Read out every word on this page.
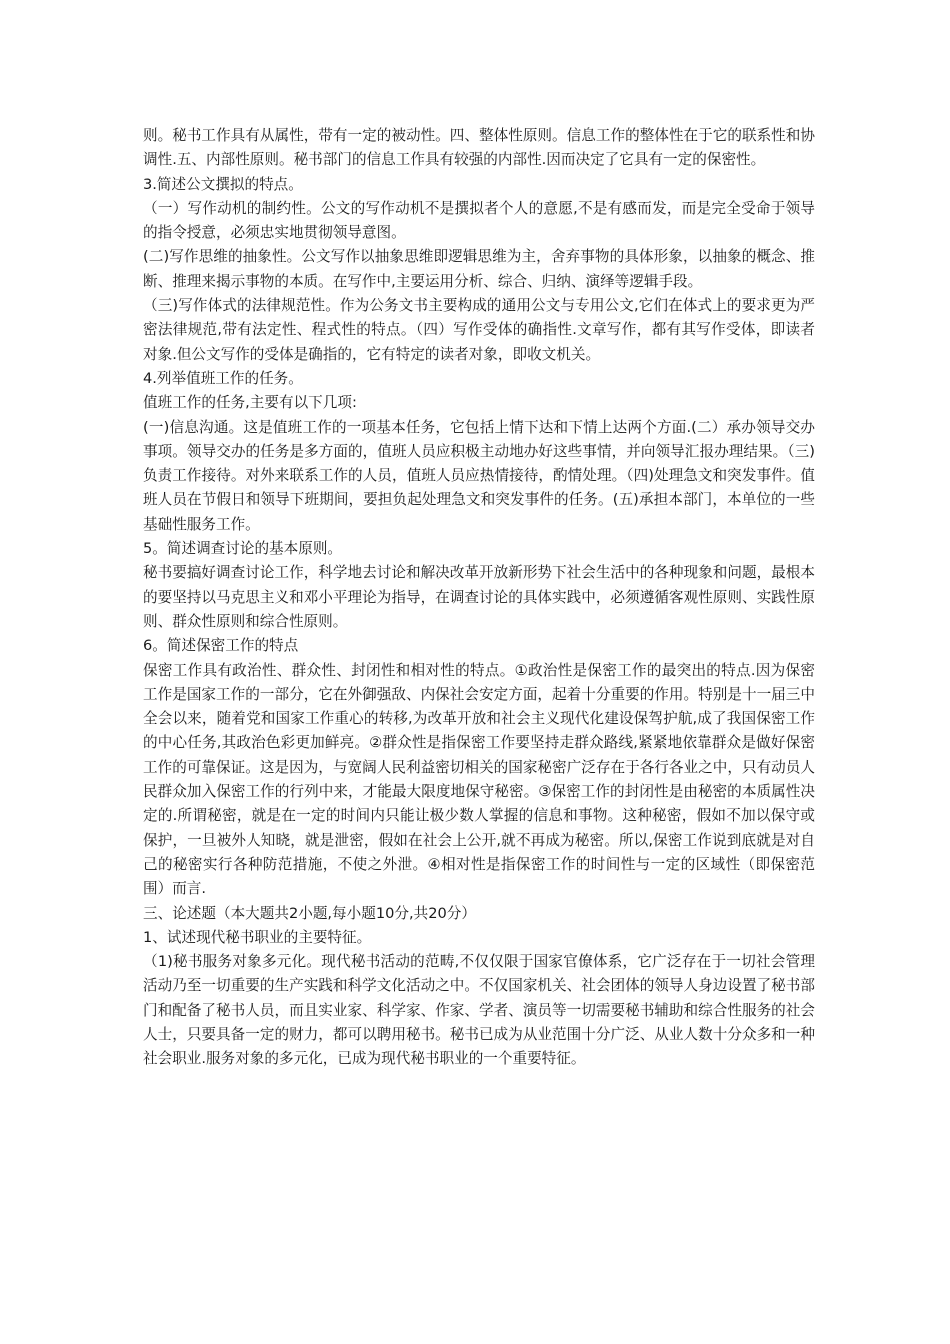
则。秘书工作具有从属性，带有一定的被动性。四、整体性原则。信息工作的整体性在于它的联系性和协调性.五、内部性原则。秘书部门的信息工作具有较强的内部性.因而决定了它具有一定的保密性。

3.简述公文撰拟的特点。

（一）写作动机的制约性。公文的写作动机不是撰拟者个人的意愿,不是有感而发，而是完全受命于领导的指令授意，必须忠实地贯彻领导意图。

(二)写作思维的抽象性。公文写作以抽象思维即逻辑思维为主，舍弃事物的具体形象，以抽象的概念、推断、推理来揭示事物的本质。在写作中,主要运用分析、综合、归纳、演绎等逻辑手段。

（三)写作体式的法律规范性。作为公务文书主要构成的通用公文与专用公文,它们在体式上的要求更为严密法律规范,带有法定性、程式性的特点。（四）写作受体的确指性.文章写作，都有其写作受体，即读者对象.但公文写作的受体是确指的，它有特定的读者对象，即收文机关。

4.列举值班工作的任务。

值班工作的任务,主要有以下几项:

(一)信息沟通。这是值班工作的一项基本任务，它包括上情下达和下情上达两个方面.(二）承办领导交办事项。领导交办的任务是多方面的，值班人员应积极主动地办好这些事情，并向领导汇报办理结果。（三)负责工作接待。对外来联系工作的人员，值班人员应热情接待，酌情处理。（四)处理急文和突发事件。值班人员在节假日和领导下班期间，要担负起处理急文和突发事件的任务。(五)承担本部门，本单位的一些基础性服务工作。

5。简述调查讨论的基本原则。

秘书要搞好调查讨论工作，科学地去讨论和解决改革开放新形势下社会生活中的各种现象和问题，最根本的要坚持以马克思主义和邓小平理论为指导，在调查讨论的具体实践中，必须遵循客观性原则、实践性原则、群众性原则和综合性原则。

6。简述保密工作的特点

保密工作具有政治性、群众性、封闭性和相对性的特点。①政治性是保密工作的最突出的特点.因为保密工作是国家工作的一部分，它在外御强敌、内保社会安定方面，起着十分重要的作用。特别是十一届三中全会以来，随着党和国家工作重心的转移,为改革开放和社会主义现代化建设保驾护航,成了我国保密工作的中心任务,其政治色彩更加鲜亮。②群众性是指保密工作要坚持走群众路线,紧紧地依靠群众是做好保密工作的可靠保证。这是因为，与宽阔人民利益密切相关的国家秘密广泛存在于各行各业之中，只有动员人民群众加入保密工作的行列中来，才能最大限度地保守秘密。③保密工作的封闭性是由秘密的本质属性决定的.所谓秘密，就是在一定的时间内只能让极少数人掌握的信息和事物。这种秘密，假如不加以保守或保护，一旦被外人知晓，就是泄密，假如在社会上公开,就不再成为秘密。所以,保密工作说到底就是对自己的秘密实行各种防范措施，不使之外泄。④相对性是指保密工作的时间性与一定的区域性（即保密范围）而言.

三、论述题（本大题共2小题,每小题10分,共20分）

1、试述现代秘书职业的主要特征。

（1)秘书服务对象多元化。现代秘书活动的范畴,不仅仅限于国家官僚体系，它广泛存在于一切社会管理活动乃至一切重要的生产实践和科学文化活动之中。不仅国家机关、社会团体的领导人身边设置了秘书部门和配备了秘书人员，而且实业家、科学家、作家、学者、演员等一切需要秘书辅助和综合性服务的社会人士，只要具备一定的财力，都可以聘用秘书。秘书已成为从业范围十分广泛、从业人数十分众多和一种社会职业.服务对象的多元化，已成为现代秘书职业的一个重要特征。
